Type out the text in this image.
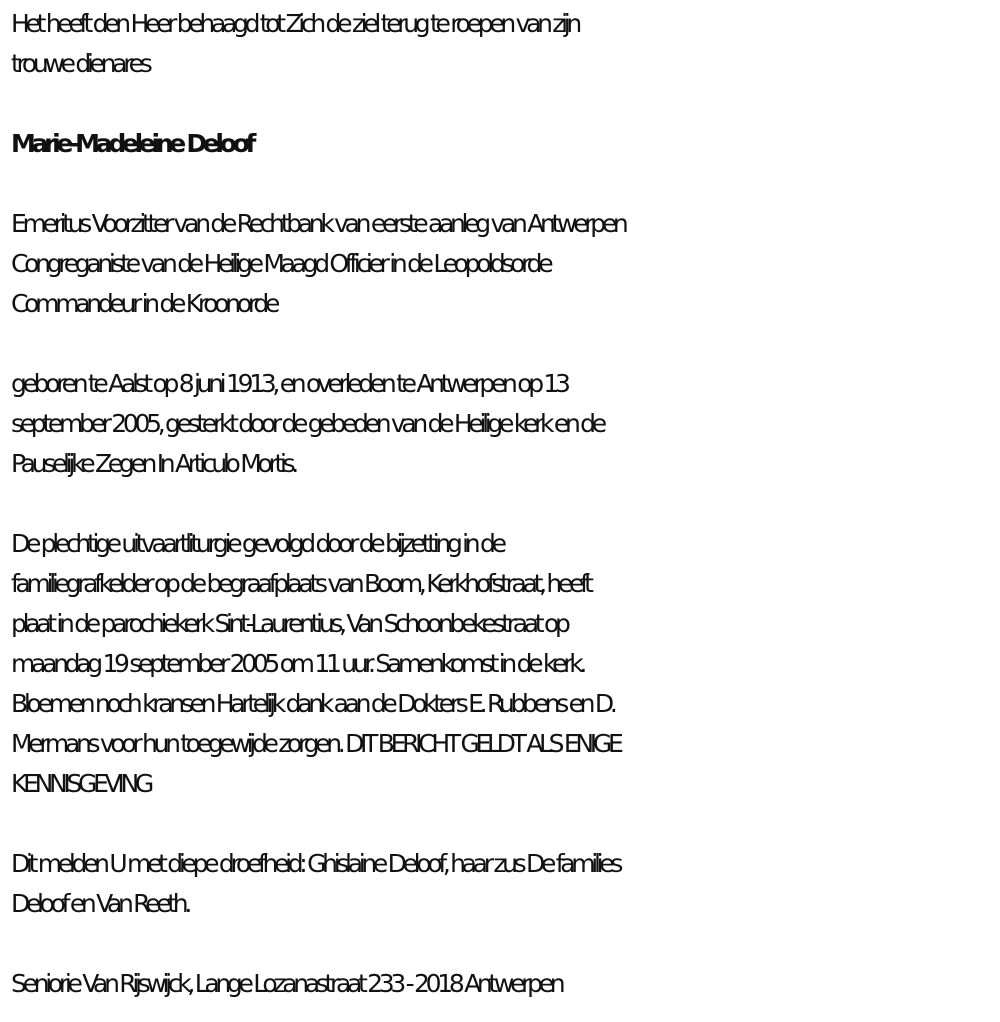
Het heeft den Heer behaagd tot Zich de ziel terug te roepen van zijn
trouwe dienares
Marie-Madeleine Deloof
Emeritus Voorzitter van de Rechtbank van eerste aanleg van Antwerpen
Congreganiste van de Heilige Maagd Officier in de Leopoldsorde
Commandeur in de Kroonorde
geboren te Aalst op 8 juni 1913, en overleden te Antwerpen op 13
september 2005, gesterkt door de gebeden van de Heilige kerk en de
Pauselijke Zegen In Articulo Mortis.
De plechtige uitvaartliturgie gevolgd door de bijzetting in de
familiegrafkelder op de begraafplaats van Boom, Kerkhofstraat, heeft
plaat in de parochiekerk Sint-Laurentius, Van Schoonbekestraat op
maandag 19 september 2005 om 11 uur. Samenkomst in de kerk.
Bloemen noch kransen Hartelijk dank aan de Dokters E. Rubbens en D.
Mermans voor hun toegewijde zorgen. DIT BERICHT GELDT ALS ENIGE
KENNISGEVING
Dit melden U met diepe droefheid: Ghislaine Deloof, haar zus De families
Deloof en Van Reeth.
Seniorie Van Rijswijck, Lange Lozanastraat 233 - 2018 Antwerpen
